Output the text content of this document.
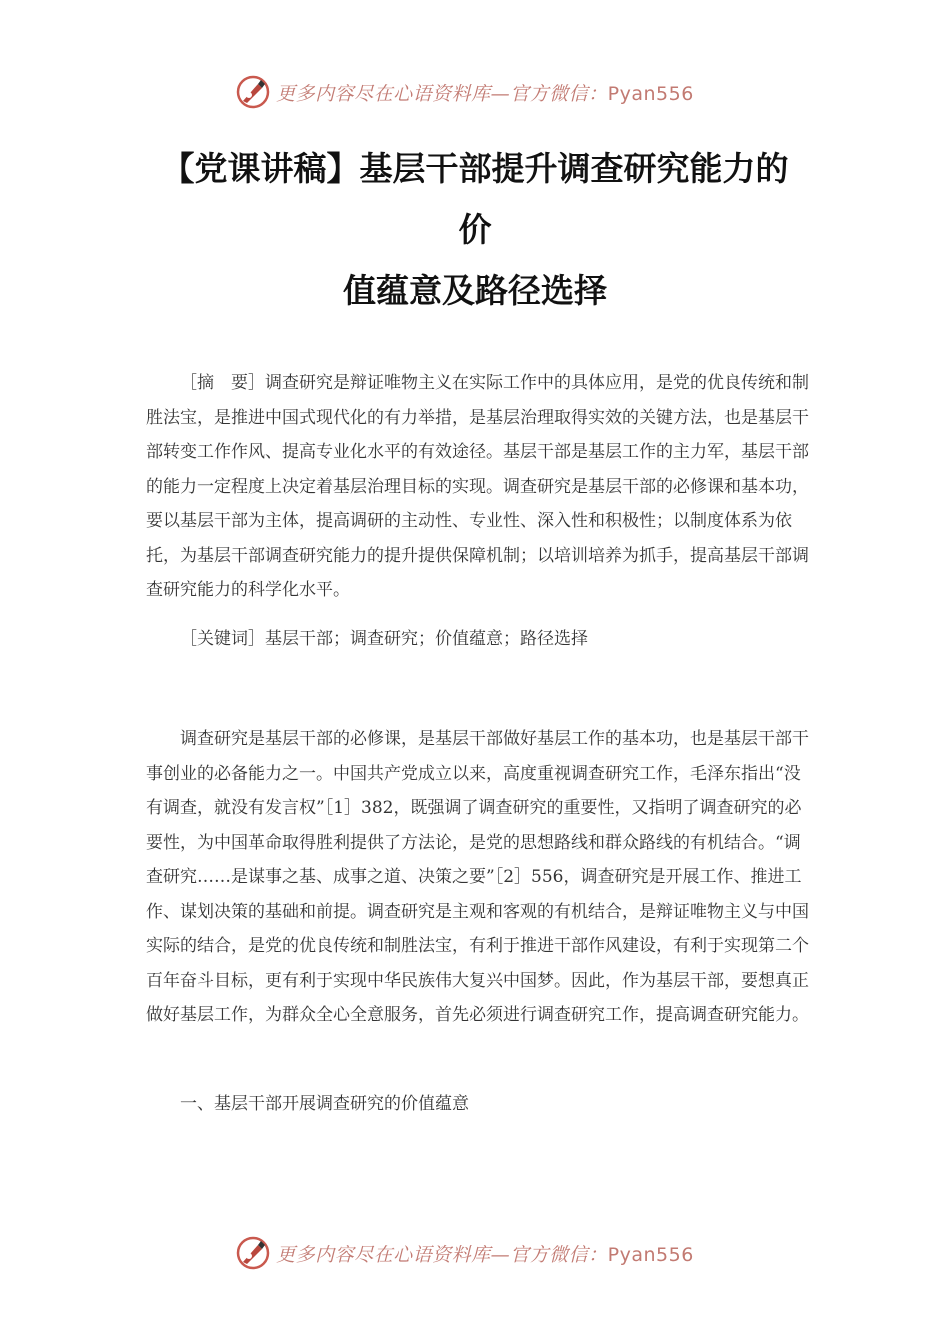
更多内容尽在心语资料库—官方微信：Pyan556
【党课讲稿】基层干部提升调查研究能力的
价
值蕴意及路径选择

［摘　要］调查研究是辩证唯物主义在实际工作中的具体应用，是党的优良传统和制胜法宝，是推进中国式现代化的有力举措，是基层治理取得实效的关键方法，也是基层干部转变工作作风、提高专业化水平的有效途径。基层干部是基层工作的主力军，基层干部的能力一定程度上决定着基层治理目标的实现。调查研究是基层干部的必修课和基本功，要以基层干部为主体，提高调研的主动性、专业性、深入性和积极性；以制度体系为依托，为基层干部调查研究能力的提升提供保障机制；以培训培养为抓手，提高基层干部调查研究能力的科学化水平。

［关键词］基层干部；调查研究；价值蕴意；路径选择

调查研究是基层干部的必修课，是基层干部做好基层工作的基本功，也是基层干部干事创业的必备能力之一。中国共产党成立以来，高度重视调查研究工作，毛泽东指出“没有调查，就没有发言权”［1］382，既强调了调查研究的重要性，又指明了调查研究的必要性，为中国革命取得胜利提供了方法论，是党的思想路线和群众路线的有机结合。“调查研究……是谋事之基、成事之道、决策之要”［2］556，调查研究是开展工作、推进工作、谋划决策的基础和前提。调查研究是主观和客观的有机结合，是辩证唯物主义与中国实际的结合，是党的优良传统和制胜法宝，有利于推进干部作风建设，有利于实现第二个百年奋斗目标，更有利于实现中华民族伟大复兴中国梦。因此，作为基层干部，要想真正做好基层工作，为群众全心全意服务，首先必须进行调查研究工作，提高调查研究能力。

一、基层干部开展调查研究的价值蕴意
更多内容尽在心语资料库—官方微信：Pyan556
